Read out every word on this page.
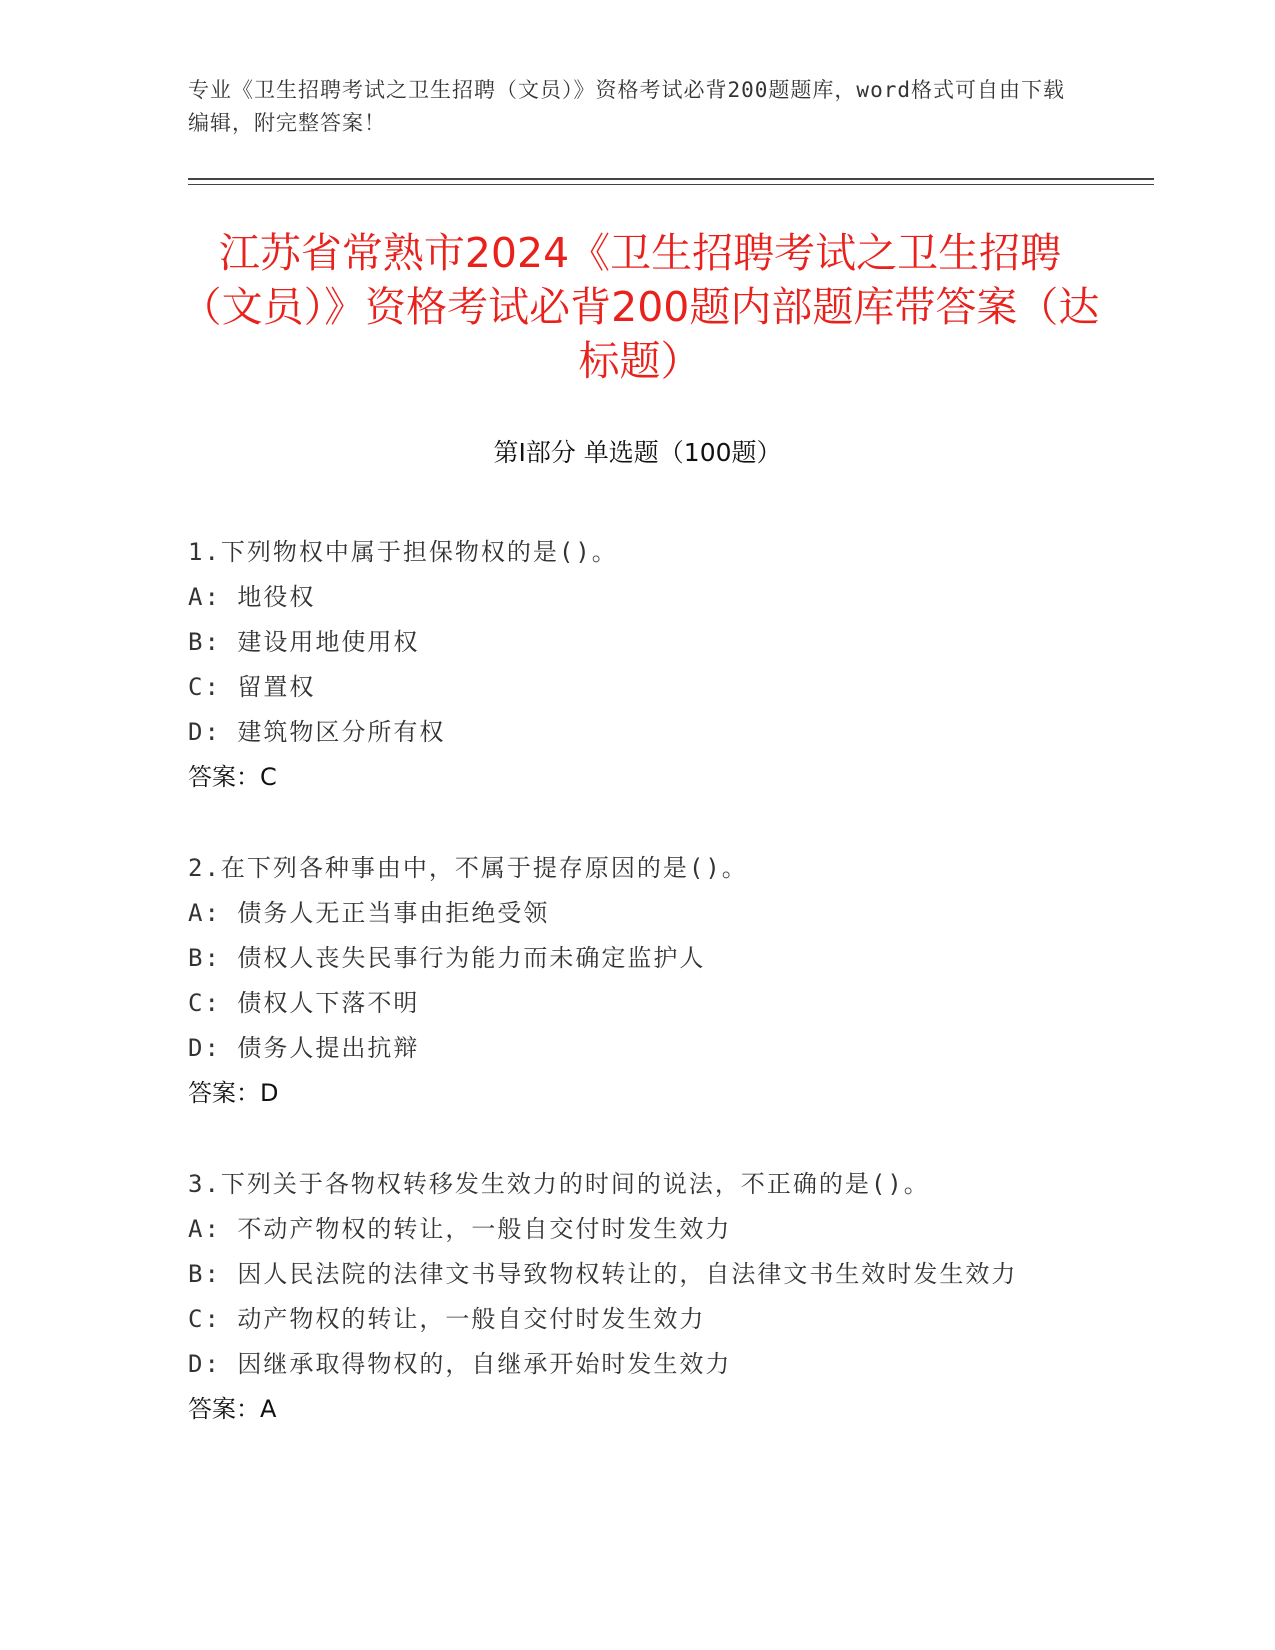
专业《卫生招聘考试之卫生招聘（文员）》资格考试必背200题题库，word格式可自由下载编辑，附完整答案！
江苏省常熟市2024《卫生招聘考试之卫生招聘（文员）》资格考试必背200题内部题库带答案（达标题）
第I部分 单选题（100题）

1.下列物权中属于担保物权的是()。

A: 地役权

B: 建设用地使用权

C: 留置权

D: 建筑物区分所有权

答案：C

2.在下列各种事由中，不属于提存原因的是()。

A: 债务人无正当事由拒绝受领

B: 债权人丧失民事行为能力而未确定监护人

C: 债权人下落不明

D: 债务人提出抗辩

答案：D

3.下列关于各物权转移发生效力的时间的说法，不正确的是()。

A: 不动产物权的转让，一般自交付时发生效力

B: 因人民法院的法律文书导致物权转让的，自法律文书生效时发生效力

C: 动产物权的转让，一般自交付时发生效力

D: 因继承取得物权的，自继承开始时发生效力

答案：A
